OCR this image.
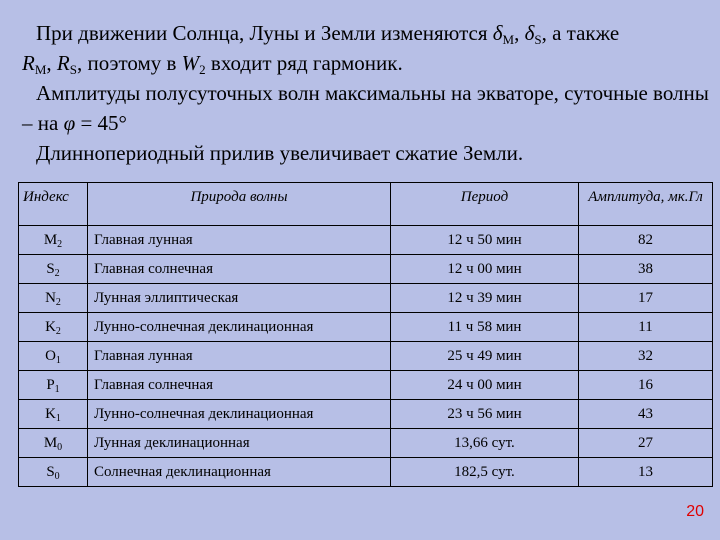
При движении Солнца, Луны и Земли изменяются $\delta_M$, $\delta_S$, а также

$R_M$, $R_S$, поэтому в $W_2$ входит ряд гармоник.

Амплитуды полусуточных волн максимальны на экваторе, суточные волны – на φ = 45°

Длиннопериодный прилив увеличивает сжатие Земли.

Индекс	Природа волны	Период	Амплитуда, мк.Гл
$M_2$	Главная лунная	12 ч 50 мин	82
$S_2$	Главная солнечная	12 ч 00 мин	38
$N_2$	Лунная эллиптическая	12 ч 39 мин	17
$K_2$	Лунно-солнечная деклинационная	11 ч 58 мин	11
$O_1$	Главная лунная	25 ч 49 мин	32
$P_1$	Главная солнечная	24 ч 00 мин	16
$K_1$	Лунно-солнечная деклинационная	23 ч 56 мин	43
$M_0$	Лунная деклинационная	13,66 сут.	27
$S_0$	Солнечная деклинационная	182,5 сут.	13
20
